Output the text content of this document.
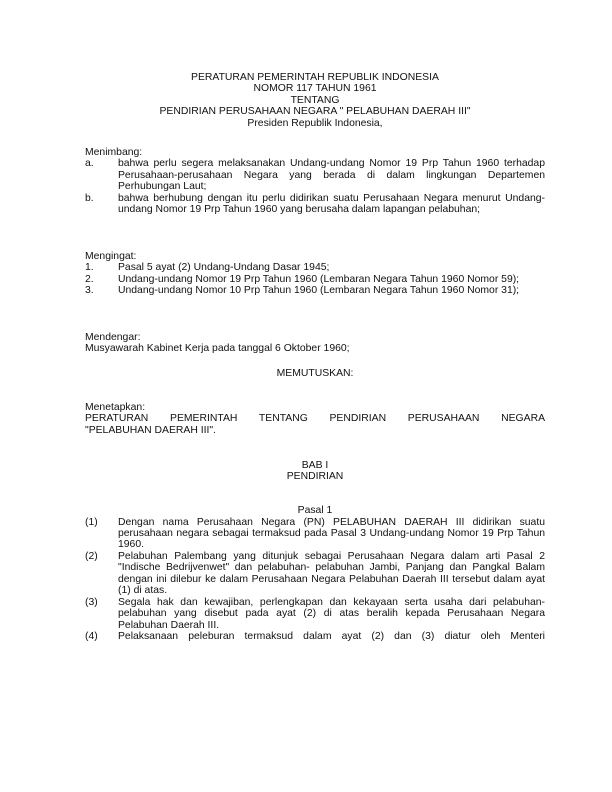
PERATURAN PEMERINTAH REPUBLIK INDONESIA
NOMOR 117 TAHUN 1961
TENTANG
PENDIRIAN PERUSAHAAN NEGARA " PELABUHAN DAERAH III"
Presiden Republik Indonesia,
Menimbang:
a.	bahwa perlu segera melaksanakan Undang-undang Nomor 19 Prp Tahun 1960 terhadap Perusahaan-perusahaan Negara yang berada di dalam lingkungan Departemen Perhubungan Laut;
b.	bahwa berhubung dengan itu perlu didirikan suatu Perusahaan Negara menurut Undang-undang Nomor 19 Prp Tahun 1960 yang berusaha dalam lapangan pelabuhan;
Mengingat:
1.	Pasal 5 ayat (2) Undang-Undang Dasar 1945;
2.	Undang-undang Nomor 19 Prp Tahun 1960 (Lembaran Negara Tahun 1960 Nomor 59);
3.	Undang-undang Nomor 10 Prp Tahun 1960 (Lembaran Negara Tahun 1960 Nomor 31);
Mendengar:
Musyawarah Kabinet Kerja pada tanggal 6 Oktober 1960;
MEMUTUSKAN:
Menetapkan:
PERATURAN PEMERINTAH TENTANG PENDIRIAN PERUSAHAAN NEGARA
"PELABUHAN DAERAH III".
BAB I
PENDIRIAN
Pasal 1
(1)	Dengan nama Perusahaan Negara (PN) PELABUHAN DAERAH III didirikan suatu perusahaan negara sebagai termaksud pada Pasal 3 Undang-undang Nomor 19 Prp Tahun 1960.
(2)	Pelabuhan Palembang yang ditunjuk sebagai Perusahaan Negara dalam arti Pasal 2 "Indische Bedrijvenwet" dan pelabuhan- pelabuhan Jambi, Panjang dan Pangkal Balam dengan ini dilebur ke dalam Perusahaan Negara Pelabuhan Daerah III tersebut dalam ayat (1) di atas.
(3)	Segala hak dan kewajiban, perlengkapan dan kekayaan serta usaha dari pelabuhan-pelabuhan yang disebut pada ayat (2) di atas beralih kepada Perusahaan Negara Pelabuhan Daerah III.
(4)	Pelaksanaan peleburan termaksud dalam ayat (2) dan (3) diatur oleh Menteri
